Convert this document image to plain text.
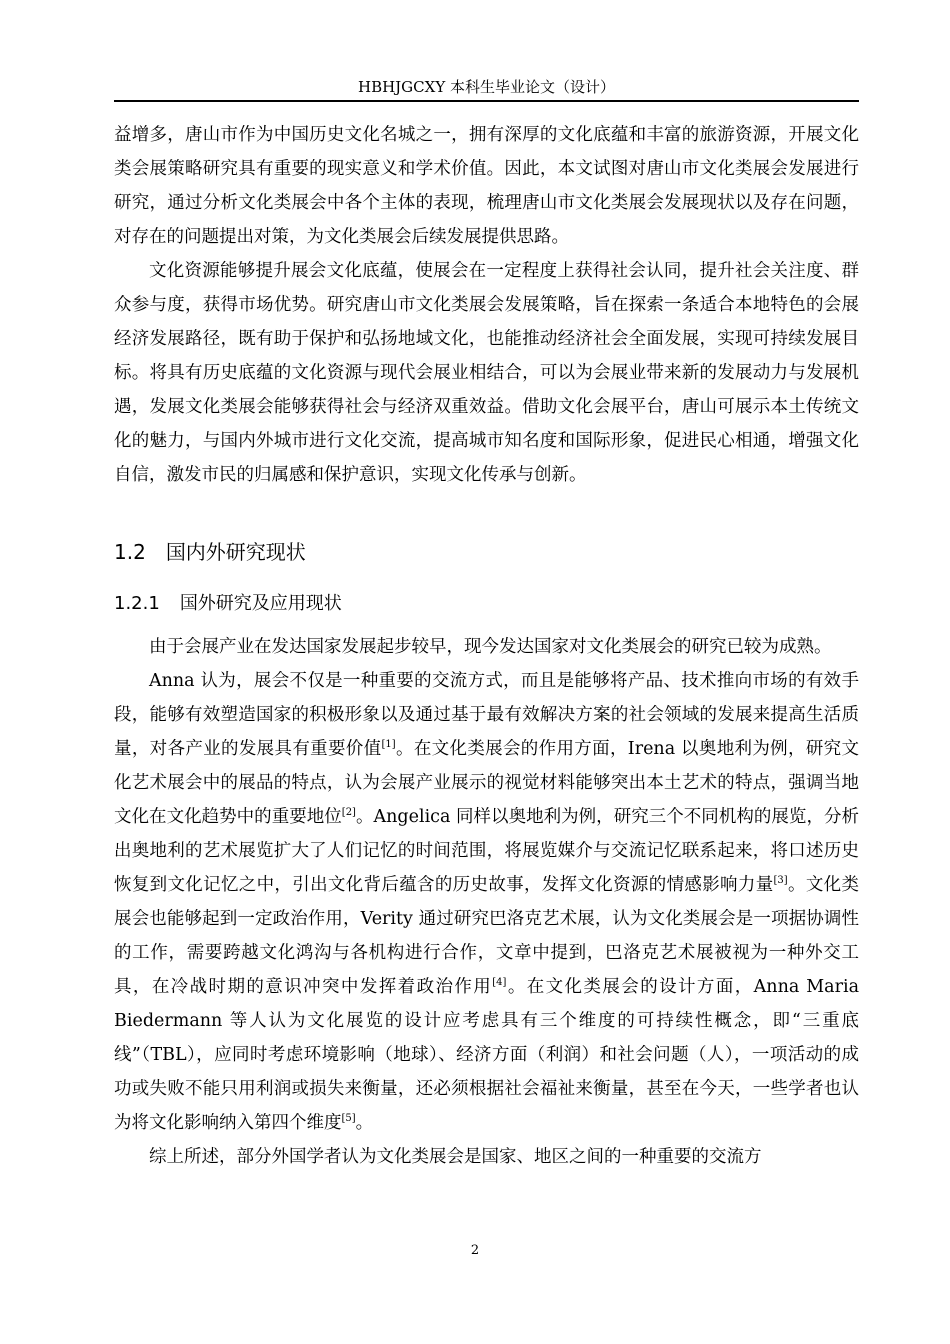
HBHJGCXY 本科生毕业论文（设计）

益增多，唐山市作为中国历史文化名城之一，拥有深厚的文化底蕴和丰富的旅游资源，开展文化类会展策略研究具有重要的现实意义和学术价值。因此，本文试图对唐山市文化类展会发展进行研究，通过分析文化类展会中各个主体的表现，梳理唐山市文化类展会发展现状以及存在问题，对存在的问题提出对策，为文化类展会后续发展提供思路。

文化资源能够提升展会文化底蕴，使展会在一定程度上获得社会认同，提升社会关注度、群众参与度，获得市场优势。研究唐山市文化类展会发展策略，旨在探索一条适合本地特色的会展经济发展路径，既有助于保护和弘扬地域文化，也能推动经济社会全面发展，实现可持续发展目标。将具有历史底蕴的文化资源与现代会展业相结合，可以为会展业带来新的发展动力与发展机遇，发展文化类展会能够获得社会与经济双重效益。借助文化会展平台，唐山可展示本土传统文化的魅力，与国内外城市进行文化交流，提高城市知名度和国际形象，促进民心相通，增强文化自信，激发市民的归属感和保护意识，实现文化传承与创新。

1.2 国内外研究现状
1.2.1 国外研究及应用现状

由于会展产业在发达国家发展起步较早，现今发达国家对文化类展会的研究已较为成熟。

Anna 认为，展会不仅是一种重要的交流方式，而且是能够将产品、技术推向市场的有效手段，能够有效塑造国家的积极形象以及通过基于最有效解决方案的社会领域的发展来提高生活质量，对各产业的发展具有重要价值[1]。在文化类展会的作用方面，Irena 以奥地利为例，研究文化艺术展会中的展品的特点，认为会展产业展示的视觉材料能够突出本土艺术的特点，强调当地文化在文化趋势中的重要地位[2]。Angelica 同样以奥地利为例，研究三个不同机构的展览，分析出奥地利的艺术展览扩大了人们记忆的时间范围，将展览媒介与交流记忆联系起来，将口述历史恢复到文化记忆之中，引出文化背后蕴含的历史故事，发挥文化资源的情感影响力量[3]。文化类展会也能够起到一定政治作用，Verity 通过研究巴洛克艺术展，认为文化类展会是一项据协调性的工作，需要跨越文化鸿沟与各机构进行合作，文章中提到，巴洛克艺术展被视为一种外交工具，在冷战时期的意识冲突中发挥着政治作用[4]。在文化类展会的设计方面，Anna Maria Biedermann 等人认为文化展览的设计应考虑具有三个维度的可持续性概念，即“三重底线”（TBL），应同时考虑环境影响（地球）、经济方面（利润）和社会问题（人），一项活动的成功或失败不能只用利润或损失来衡量，还必须根据社会福祉来衡量，甚至在今天，一些学者也认为将文化影响纳入第四个维度[5]。

综上所述，部分外国学者认为文化类展会是国家、地区之间的一种重要的交流方

2
